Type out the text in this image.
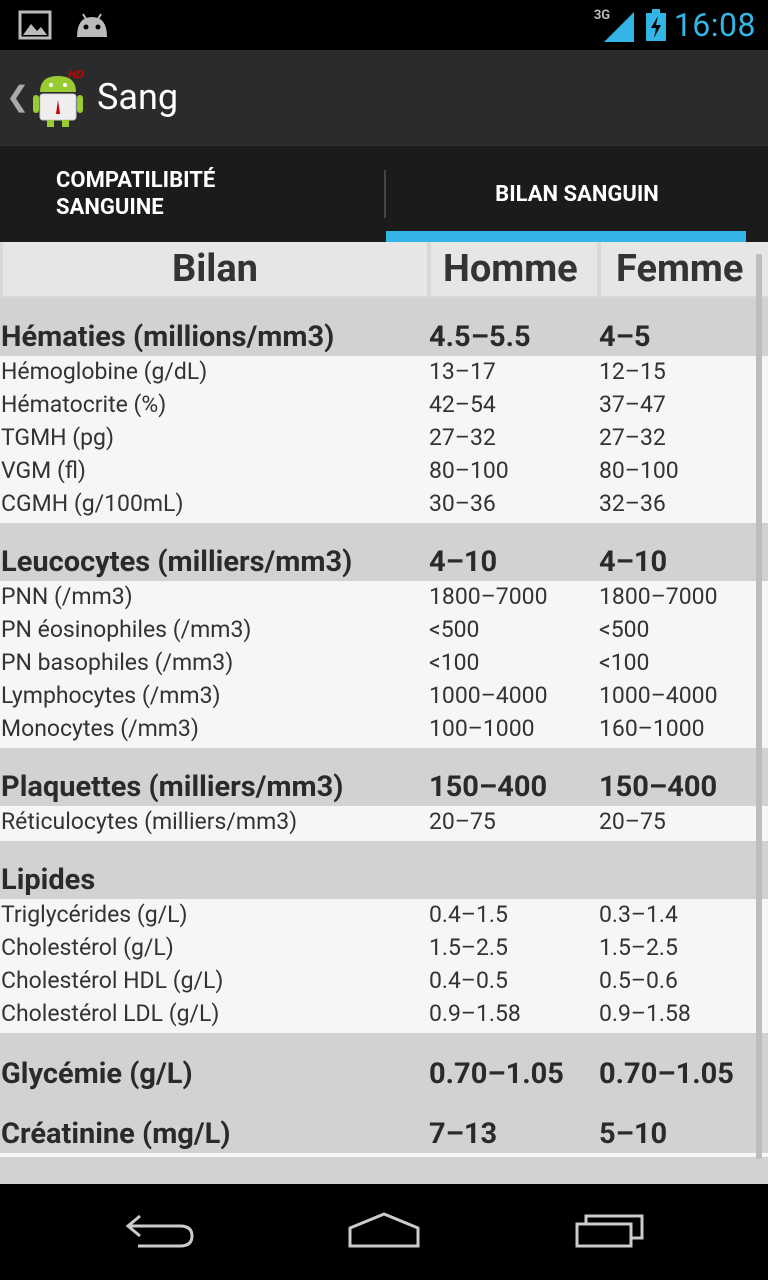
3G 16:08
❮
HD
Sang
COMPATILIBITÉ
SANGUINE
BILAN SANGUIN
Bilan	Homme	Femme
Hématies (millions/mm3)	4.5–5.5 4–5
Hémoglobine (g/dL)	13–17	12–15
Hématocrite (%)	42–54	37–47
TGMH (pg)	27–32	27–32
VGM (fl)	80–100	80–100
CGMH (g/100mL)	30–36	32–36
Leucocytes (milliers/mm3)	4–10	4–10
PNN (/mm3)	1800–7000 1800–7000
PN éosinophiles (/mm3)	<500	<500
PN basophiles (/mm3)	<100	<100
Lymphocytes (/mm3)	1000–4000 1000–4000
Monocytes (/mm3)	100–1000	160–1000
Plaquettes (milliers/mm3)	150–400 150–400
Réticulocytes (milliers/mm3)	20–75	20–75
Lipides
Triglycérides (g/L)	0.4–1.5	0.3–1.4
Cholestérol (g/L)	1.5–2.5	1.5–2.5
Cholestérol HDL (g/L)	0.4–0.5	0.5–0.6
Cholestérol LDL (g/L)	0.9–1.58	0.9–1.58
Glycémie (g/L)	0.70–1.05 0.70–1.05
Créatinine (mg/L)	7–13	5–10
